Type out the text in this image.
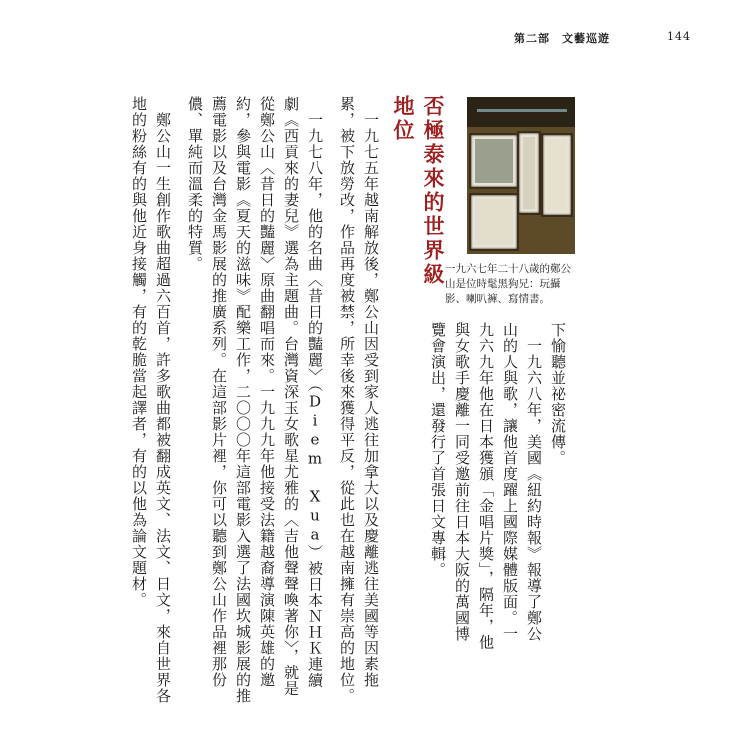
第二部　文藝巡遊	144
一九六七年二十八歲的鄭公山是位時髦黑狗兄：玩攝影、喇叭褲、寫情書。

下愉聽並祕密流傳。

　一九六八年，美國《紐約時報》報導了鄭公山的人與歌，讓他首度躍上國際媒體版面。一九六九年他在日本獲頒「金唱片獎」，隔年，他與女歌手慶離一同受邀前往日本大阪的萬國博覽會演出，還發行了首張日文專輯。

否極泰來的世界級地位

　一九七五年越南解放後，鄭公山因受到家人逃往加拿大以及慶離逃往美國等因素拖累，被下放勞改，作品再度被禁，所幸後來獲得平反，從此也在越南擁有崇高的地位。

　一九七八年，他的名曲〈昔日的豔麗〉（Diem Xua）被日本ＮＨＫ連續劇《西貢來的妻兒》選為主題曲。台灣資深玉女歌星尤雅的〈吉他聲聲喚著你〉，就是從鄭公山〈昔日的豔麗〉原曲翻唱而來。一九九九年他接受法籍越裔導演陳英雄的邀約，參與電影《夏天的滋味》配樂工作，二〇〇〇年這部電影入選了法國坎城影展的推薦電影以及台灣金馬影展的推廣系列。在這部影片裡，你可以聽到鄭公山作品裡那份儂、單純而溫柔的特質。

　鄭公山一生創作歌曲超過六百首，許多歌曲都被翻成英文、法文、日文，來自世界各地的粉絲有的與他近身接觸，有的乾脆當起譯者，有的以他為論文題材。
